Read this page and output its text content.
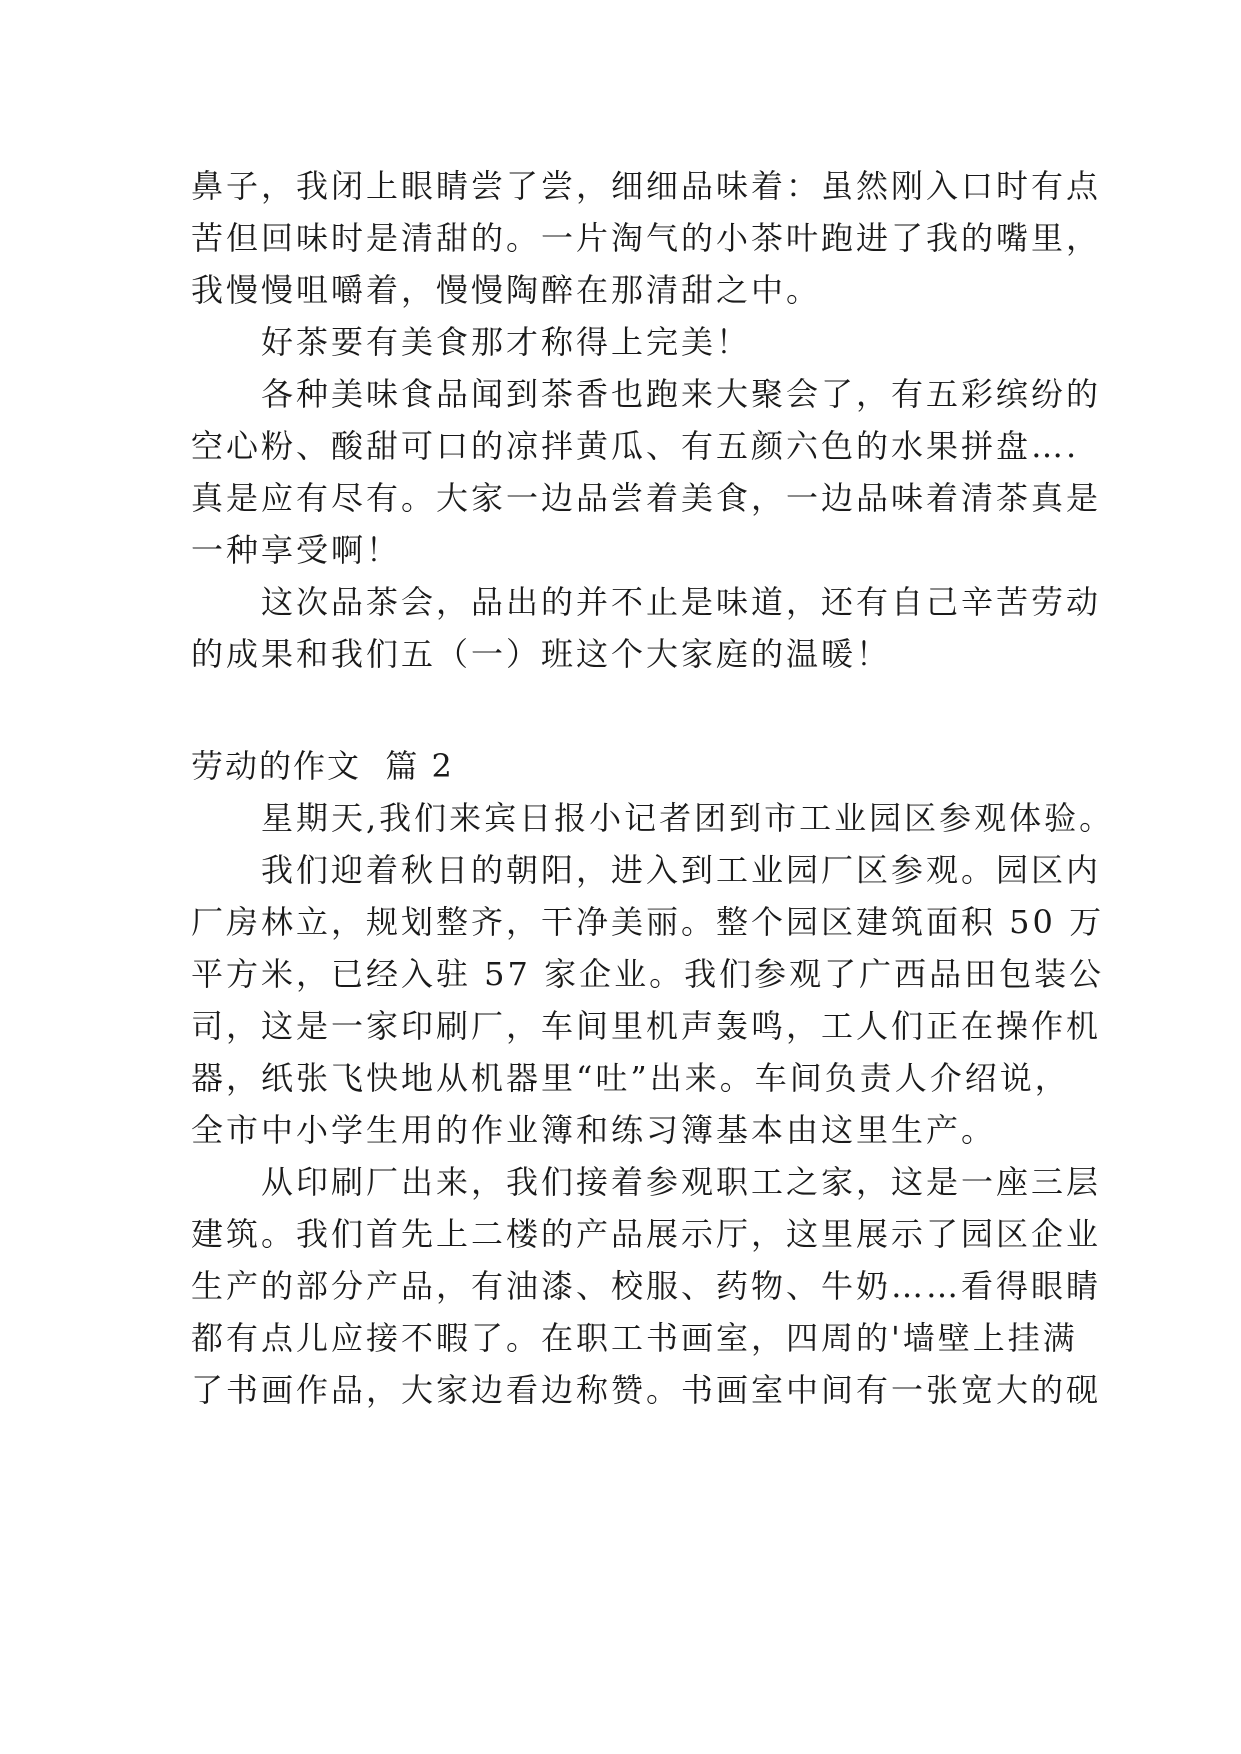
鼻子，我闭上眼睛尝了尝，细细品味着：虽然刚入口时有点
苦但回味时是清甜的。一片淘气的小茶叶跑进了我的嘴里，
我慢慢咀嚼着，慢慢陶醉在那清甜之中。
　　好茶要有美食那才称得上完美！
　　各种美味食品闻到茶香也跑来大聚会了，有五彩缤纷的
空心粉、酸甜可口的凉拌黄瓜、有五颜六色的水果拼盘….
真是应有尽有。大家一边品尝着美食，一边品味着清茶真是
一种享受啊！
　　这次品茶会，品出的并不止是味道，还有自己辛苦劳动
的成果和我们五（一）班这个大家庭的温暖！
劳动的作文  篇 2
　　星期天,我们来宾日报小记者团到市工业园区参观体验。
　　我们迎着秋日的朝阳，进入到工业园厂区参观。园区内
厂房林立，规划整齐，干净美丽。整个园区建筑面积 50 万
平方米，已经入驻 57 家企业。我们参观了广西品田包装公
司，这是一家印刷厂，车间里机声轰鸣，工人们正在操作机
器，纸张飞快地从机器里“吐”出来。车间负责人介绍说，
全市中小学生用的作业簿和练习簿基本由这里生产。
　　从印刷厂出来，我们接着参观职工之家，这是一座三层
建筑。我们首先上二楼的产品展示厅，这里展示了园区企业
生产的部分产品，有油漆、校服、药物、牛奶……看得眼睛
都有点儿应接不暇了。在职工书画室，四周的'墙壁上挂满
了书画作品，大家边看边称赞。书画室中间有一张宽大的砚
